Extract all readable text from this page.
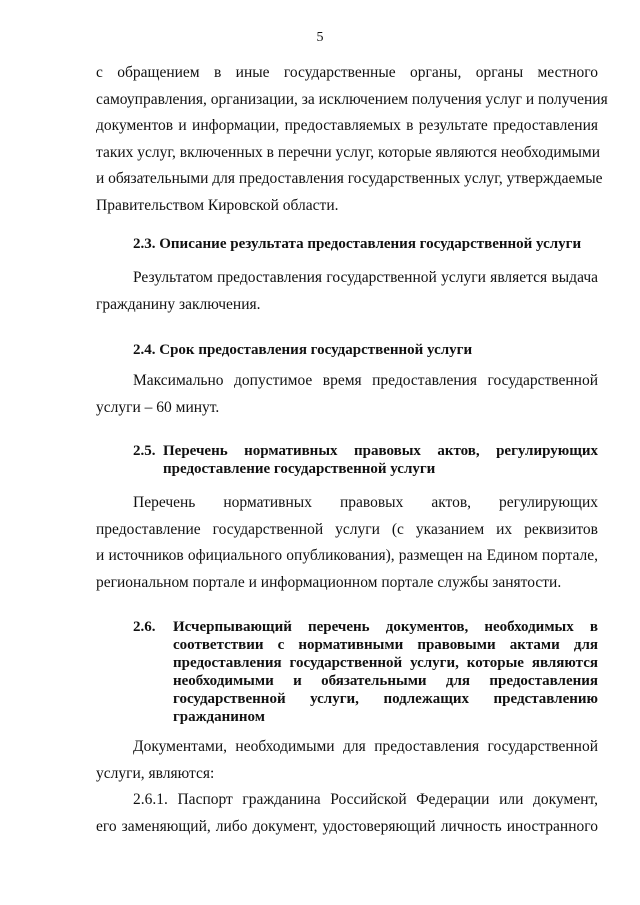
5
с обращением в иные государственные органы, органы местного
самоуправления, организации, за исключением получения услуг и получения
документов и информации, предоставляемых в результате предоставления
таких услуг, включенных в перечни услуг, которые являются необходимыми
и обязательными для предоставления государственных услуг, утверждаемые
Правительством Кировской области.
2.3. Описание результата предоставления государственной услуги
Результатом предоставления государственной услуги является выдача
гражданину заключения.
2.4. Срок предоставления государственной услуги
Максимально допустимое время предоставления государственной
услуги – 60 минут.
2.5. Перечень нормативных правовых актов, регулирующих
предоставление государственной услуги
Перечень нормативных правовых актов, регулирующих
предоставление государственной услуги (с указанием их реквизитов
и источников официального опубликования), размещен на Едином портале,
региональном портале и информационном портале службы занятости.
2.6. Исчерпывающий перечень документов, необходимых в
соответствии с нормативными правовыми актами для
предоставления государственной услуги, которые являются
необходимыми и обязательными для предоставления
государственной услуги, подлежащих представлению
гражданином
Документами, необходимыми для предоставления государственной
услуги, являются:
2.6.1. Паспорт гражданина Российской Федерации или документ,
его заменяющий, либо документ, удостоверяющий личность иностранного
